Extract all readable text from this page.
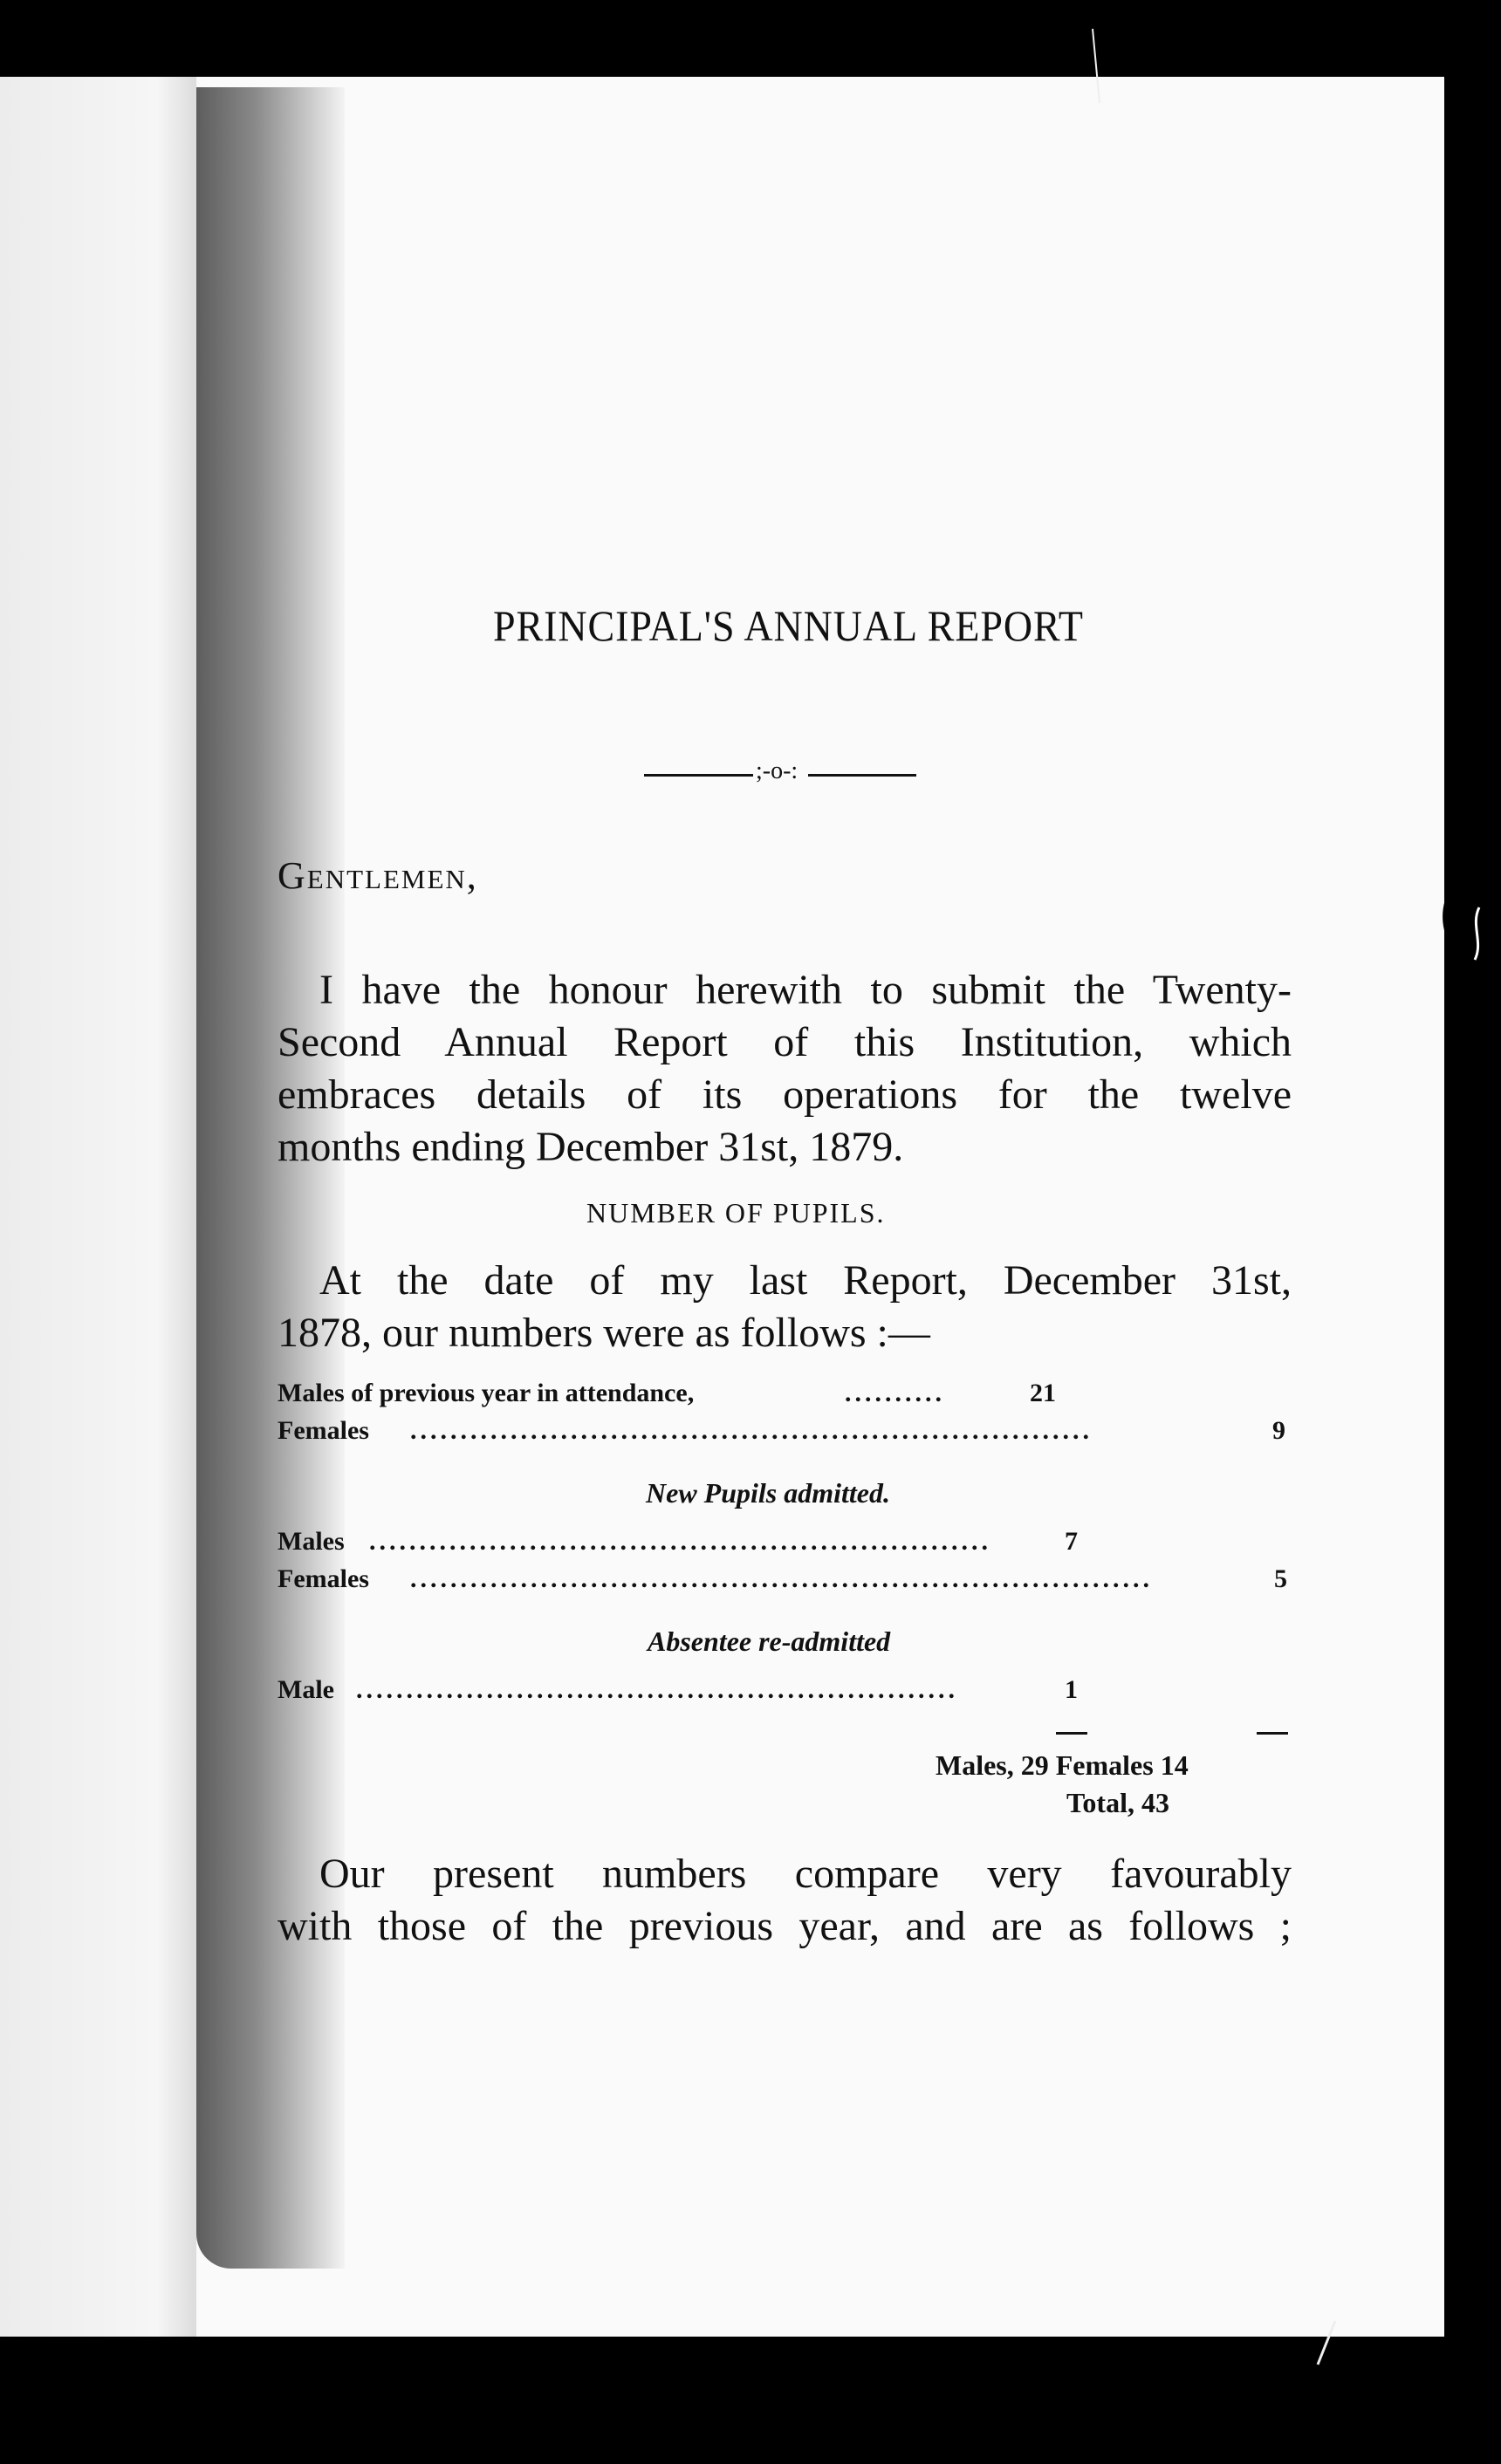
PRINCIPAL'S ANNUAL REPORT
;-o-:
Gentlemen,
I have the honour herewith to submit the Twenty-
Second Annual Report of this Institution, which
embraces details of its operations for the twelve
months ending December 31st, 1879.
NUMBER OF PUPILS.
At the date of my last Report, December 31st,
1878, our numbers were as follows :—
Males of previous year in attendance,	..........	21
Females ....................................................................	9
New Pupils admitted.
Males ..............................................................	7
Females ..........................................................................	5
Absentee re-admitted
Male ............................................................	1
Males, 29 Females 14
Total, 43
Our present numbers compare very favourably
with those of the previous year, and are as follows ;
